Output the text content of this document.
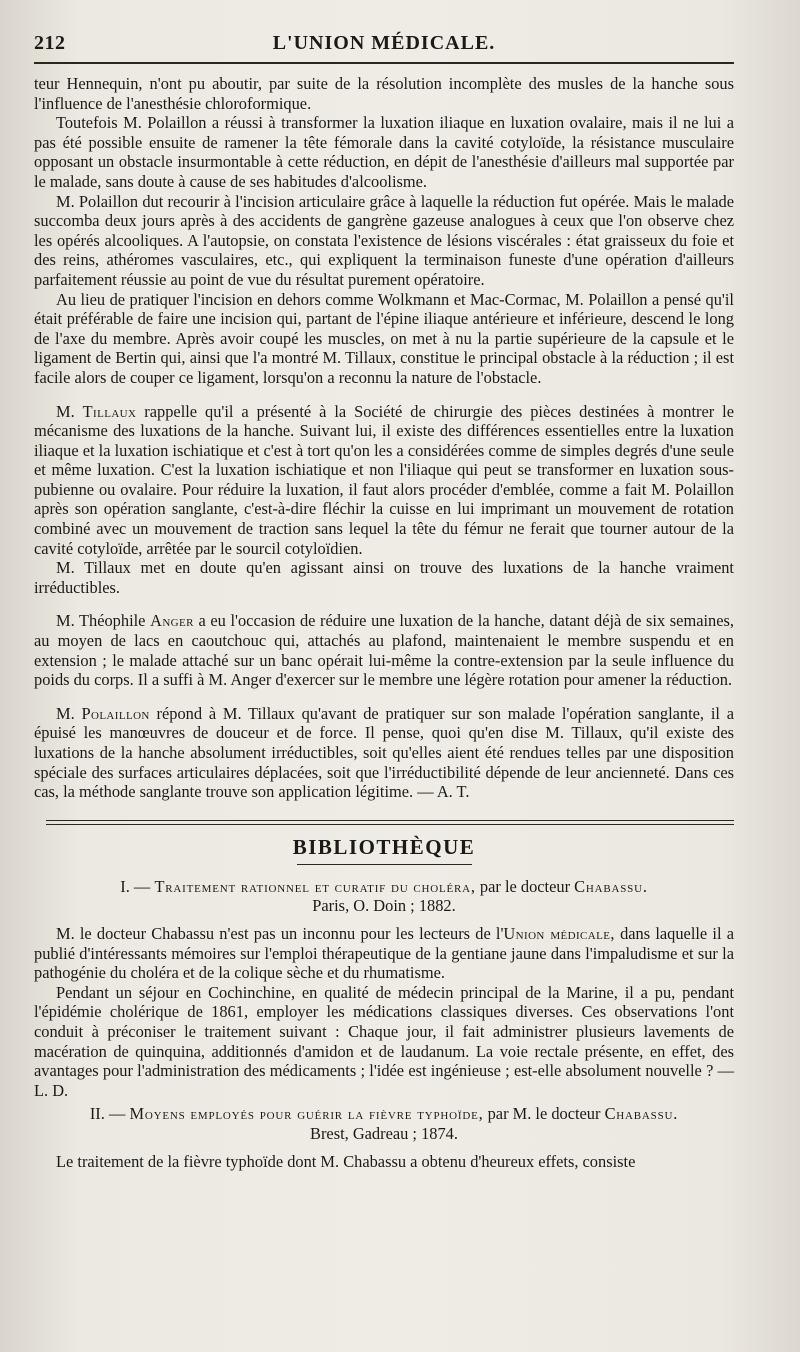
212	L'UNION MÉDICALE.

teur Hennequin, n'ont pu aboutir, par suite de la résolution incomplète des musles de la hanche sous l'influence de l'anesthésie chloroformique.

Toutefois M. Polaillon a réussi à transformer la luxation iliaque en luxation ovalaire, mais il ne lui a pas été possible ensuite de ramener la tête fémorale dans la cavité cotyloïde, la résistance musculaire opposant un obstacle insurmontable à cette réduction, en dépit de l'anesthésie d'ailleurs mal supportée par le malade, sans doute à cause de ses habitudes d'alcoolisme.

M. Polaillon dut recourir à l'incision articulaire grâce à laquelle la réduction fut opérée. Mais le malade succomba deux jours après à des accidents de gangrène gazeuse analogues à ceux que l'on observe chez les opérés alcooliques. A l'autopsie, on constata l'existence de lésions viscérales : état graisseux du foie et des reins, athéromes vasculaires, etc., qui expliquent la terminaison funeste d'une opération d'ailleurs parfaitement réussie au point de vue du résultat purement opératoire.

Au lieu de pratiquer l'incision en dehors comme Wolkmann et Mac-Cormac, M. Polaillon a pensé qu'il était préférable de faire une incision qui, partant de l'épine iliaque antérieure et inférieure, descend le long de l'axe du membre. Après avoir coupé les muscles, on met à nu la partie supérieure de la capsule et le ligament de Bertin qui, ainsi que l'a montré M. Tillaux, constitue le principal obstacle à la réduction ; il est facile alors de couper ce ligament, lorsqu'on a reconnu la nature de l'obstacle.

M. Tillaux rappelle qu'il a présenté à la Société de chirurgie des pièces destinées à montrer le mécanisme des luxations de la hanche. Suivant lui, il existe des différences essentielles entre la luxation iliaque et la luxation ischiatique et c'est à tort qu'on les a considérées comme de simples degrés d'une seule et même luxation. C'est la luxation ischiatique et non l'iliaque qui peut se transformer en luxation sous-pubienne ou ovalaire. Pour réduire la luxation, il faut alors procéder d'emblée, comme a fait M. Polaillon après son opération sanglante, c'est-à-dire fléchir la cuisse en lui imprimant un mouvement de rotation combiné avec un mouvement de traction sans lequel la tête du fémur ne ferait que tourner autour de la cavité cotyloïde, arrêtée par le sourcil cotyloïdien.

M. Tillaux met en doute qu'en agissant ainsi on trouve des luxations de la hanche vraiment irréductibles.

M. Théophile Anger a eu l'occasion de réduire une luxation de la hanche, datant déjà de six semaines, au moyen de lacs en caoutchouc qui, attachés au plafond, maintenaient le membre suspendu et en extension ; le malade attaché sur un banc opérait lui-même la contre-extension par la seule influence du poids du corps. Il a suffi à M. Anger d'exercer sur le membre une légère rotation pour amener la réduction.

M. Polaillon répond à M. Tillaux qu'avant de pratiquer sur son malade l'opération sanglante, il a épuisé les manœuvres de douceur et de force. Il pense, quoi qu'en dise M. Tillaux, qu'il existe des luxations de la hanche absolument irréductibles, soit qu'elles aient été rendues telles par une disposition spéciale des surfaces articulaires déplacées, soit que l'irréductibilité dépende de leur ancienneté. Dans ces cas, la méthode sanglante trouve son application légitime. — A. T.

BIBLIOTHÈQUE
I. — Traitement rationnel et curatif du choléra, par le docteur Chabassu.
Paris, O. Doin ; 1882.

M. le docteur Chabassu n'est pas un inconnu pour les lecteurs de l'Union médicale, dans laquelle il a publié d'intéressants mémoires sur l'emploi thérapeutique de la gentiane jaune dans l'impaludisme et sur la pathogénie du choléra et de la colique sèche et du rhumatisme.

Pendant un séjour en Cochinchine, en qualité de médecin principal de la Marine, il a pu, pendant l'épidémie cholérique de 1861, employer les médications classiques diverses. Ces observations l'ont conduit à préconiser le traitement suivant : Chaque jour, il fait administrer plusieurs lavements de macération de quinquina, additionnés d'amidon et de laudanum. La voie rectale présente, en effet, des avantages pour l'administration des médicaments ; l'idée est ingénieuse ; est-elle absolument nouvelle ? — L. D.

II. — Moyens employés pour guérir la fièvre typhoïde, par M. le docteur Chabassu.
Brest, Gadreau ; 1874.

Le traitement de la fièvre typhoïde dont M. Chabassu a obtenu d'heureux effets, consiste
